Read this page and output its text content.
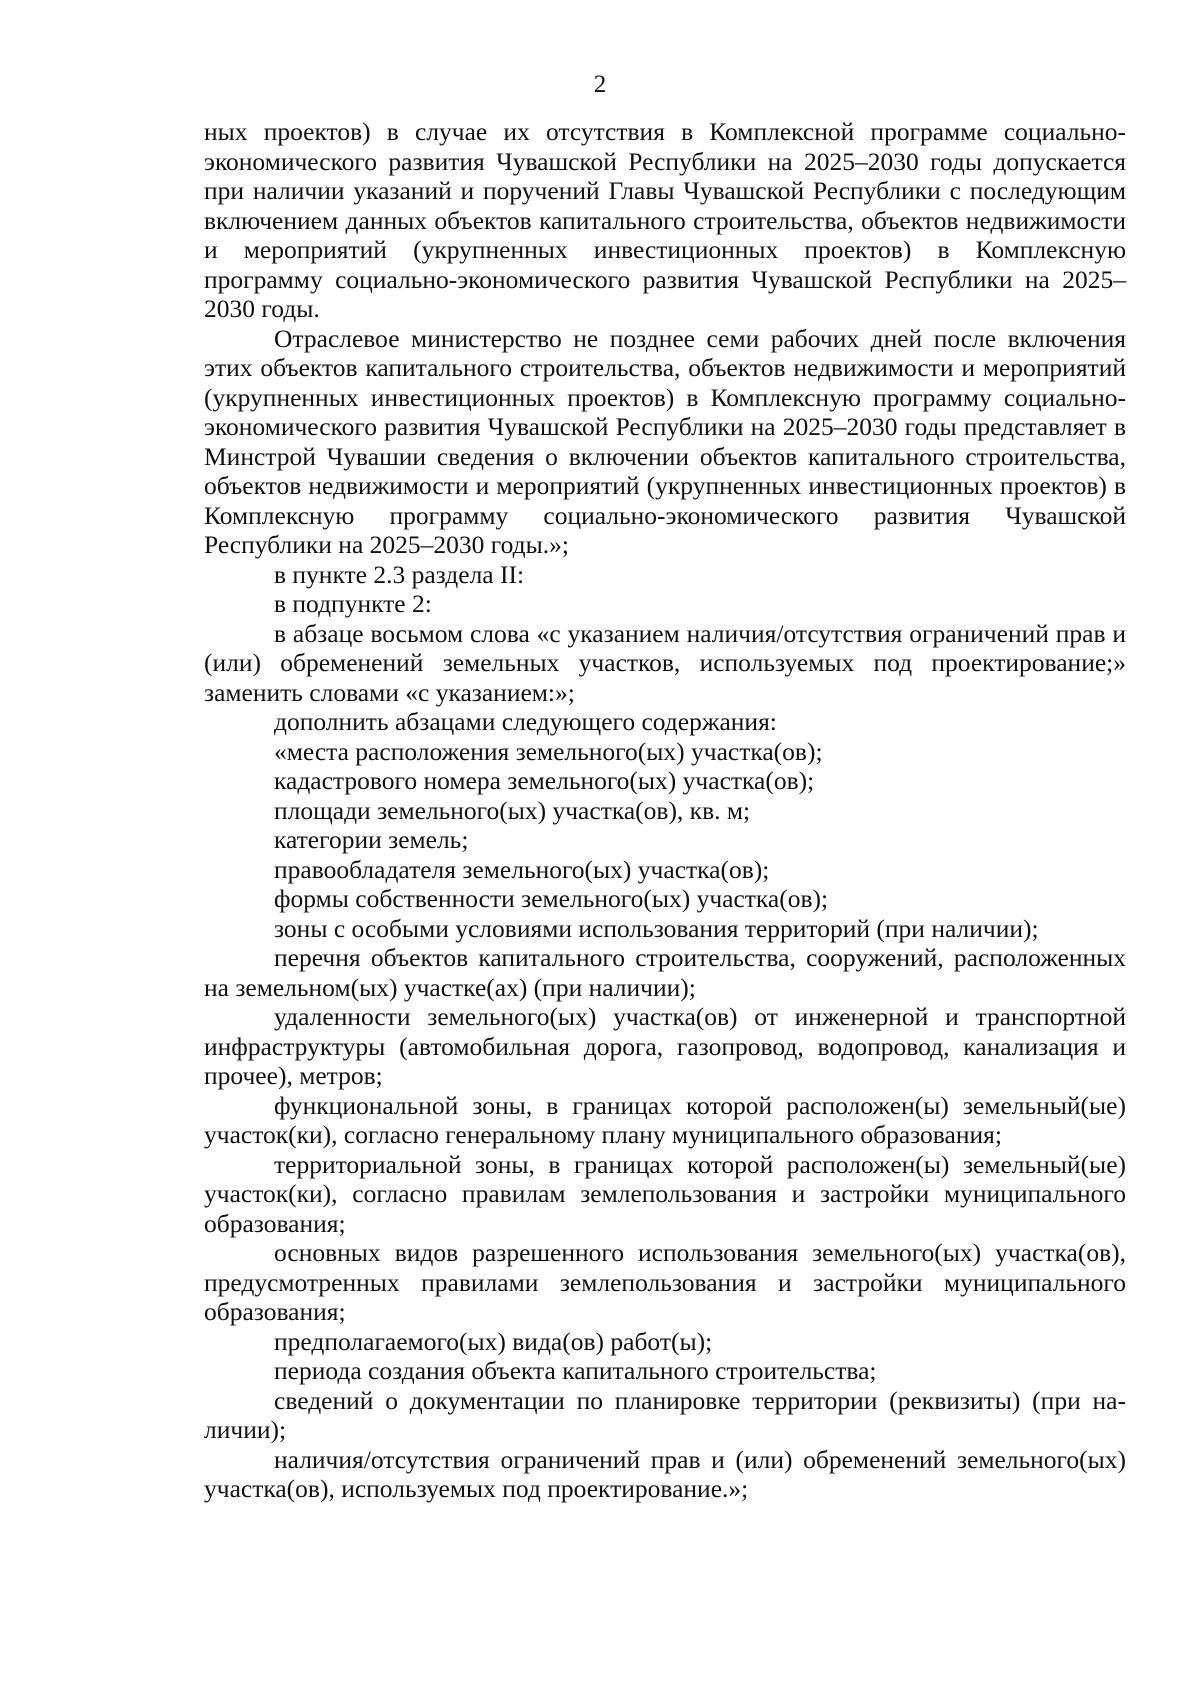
2

ных проектов) в случае их отсутствия в Комплексной программе социально-экономического развития Чувашской Республики на 2025–2030 годы допускается при наличии указаний и поручений Главы Чувашской Республики с последующим включением данных объектов капитального строительства, объектов недвижимости и мероприятий (укрупненных инвестиционных проектов) в Комплексную программу социально-экономического развития Чувашской Республики на 2025–2030 годы.

Отраслевое министерство не позднее семи рабочих дней после включения этих объектов капитального строительства, объектов недвижимости и мероприятий (укрупненных инвестиционных проектов) в Комплексную программу социально-экономического развития Чувашской Республики на 2025–2030 годы представляет в Минстрой Чувашии сведения о включении объектов капитального строительства, объектов недвижимости и мероприятий (укрупненных инвестиционных проектов) в Комплексную программу социально-экономического развития Чувашской Республики на 2025–2030 годы.»;

в пункте 2.3 раздела II:

в подпункте 2:

в абзаце восьмом слова «с указанием наличия/отсутствия ограничений прав и (или) обременений земельных участков, используемых под проектирование;» заменить словами «с указанием:»;

дополнить абзацами следующего содержания:

«места расположения земельного(ых) участка(ов);

кадастрового номера земельного(ых) участка(ов);

площади земельного(ых) участка(ов), кв. м;

категории земель;

правообладателя земельного(ых) участка(ов);

формы собственности земельного(ых) участка(ов);

зоны с особыми условиями использования территорий (при наличии);

перечня объектов капитального строительства, сооружений, расположенных на земельном(ых) участке(ах) (при наличии);

удаленности земельного(ых) участка(ов) от инженерной и транспортной инфраструктуры (автомобильная дорога, газопровод, водопровод, канализация и прочее), метров;

функциональной зоны, в границах которой расположен(ы) земельный(ые) участок(ки), согласно генеральному плану муниципального образования;

территориальной зоны, в границах которой расположен(ы) земельный(ые) участок(ки), согласно правилам землепользования и застройки муниципального образования;

основных видов разрешенного использования земельного(ых) участка(ов), предусмотренных правилами землепользования и застройки муниципального образования;

предполагаемого(ых) вида(ов) работ(ы);

периода создания объекта капитального строительства;

сведений о документации по планировке территории (реквизиты) (при наличии);

наличия/отсутствия ограничений прав и (или) обременений земельного(ых) участка(ов), используемых под проектирование.»;
